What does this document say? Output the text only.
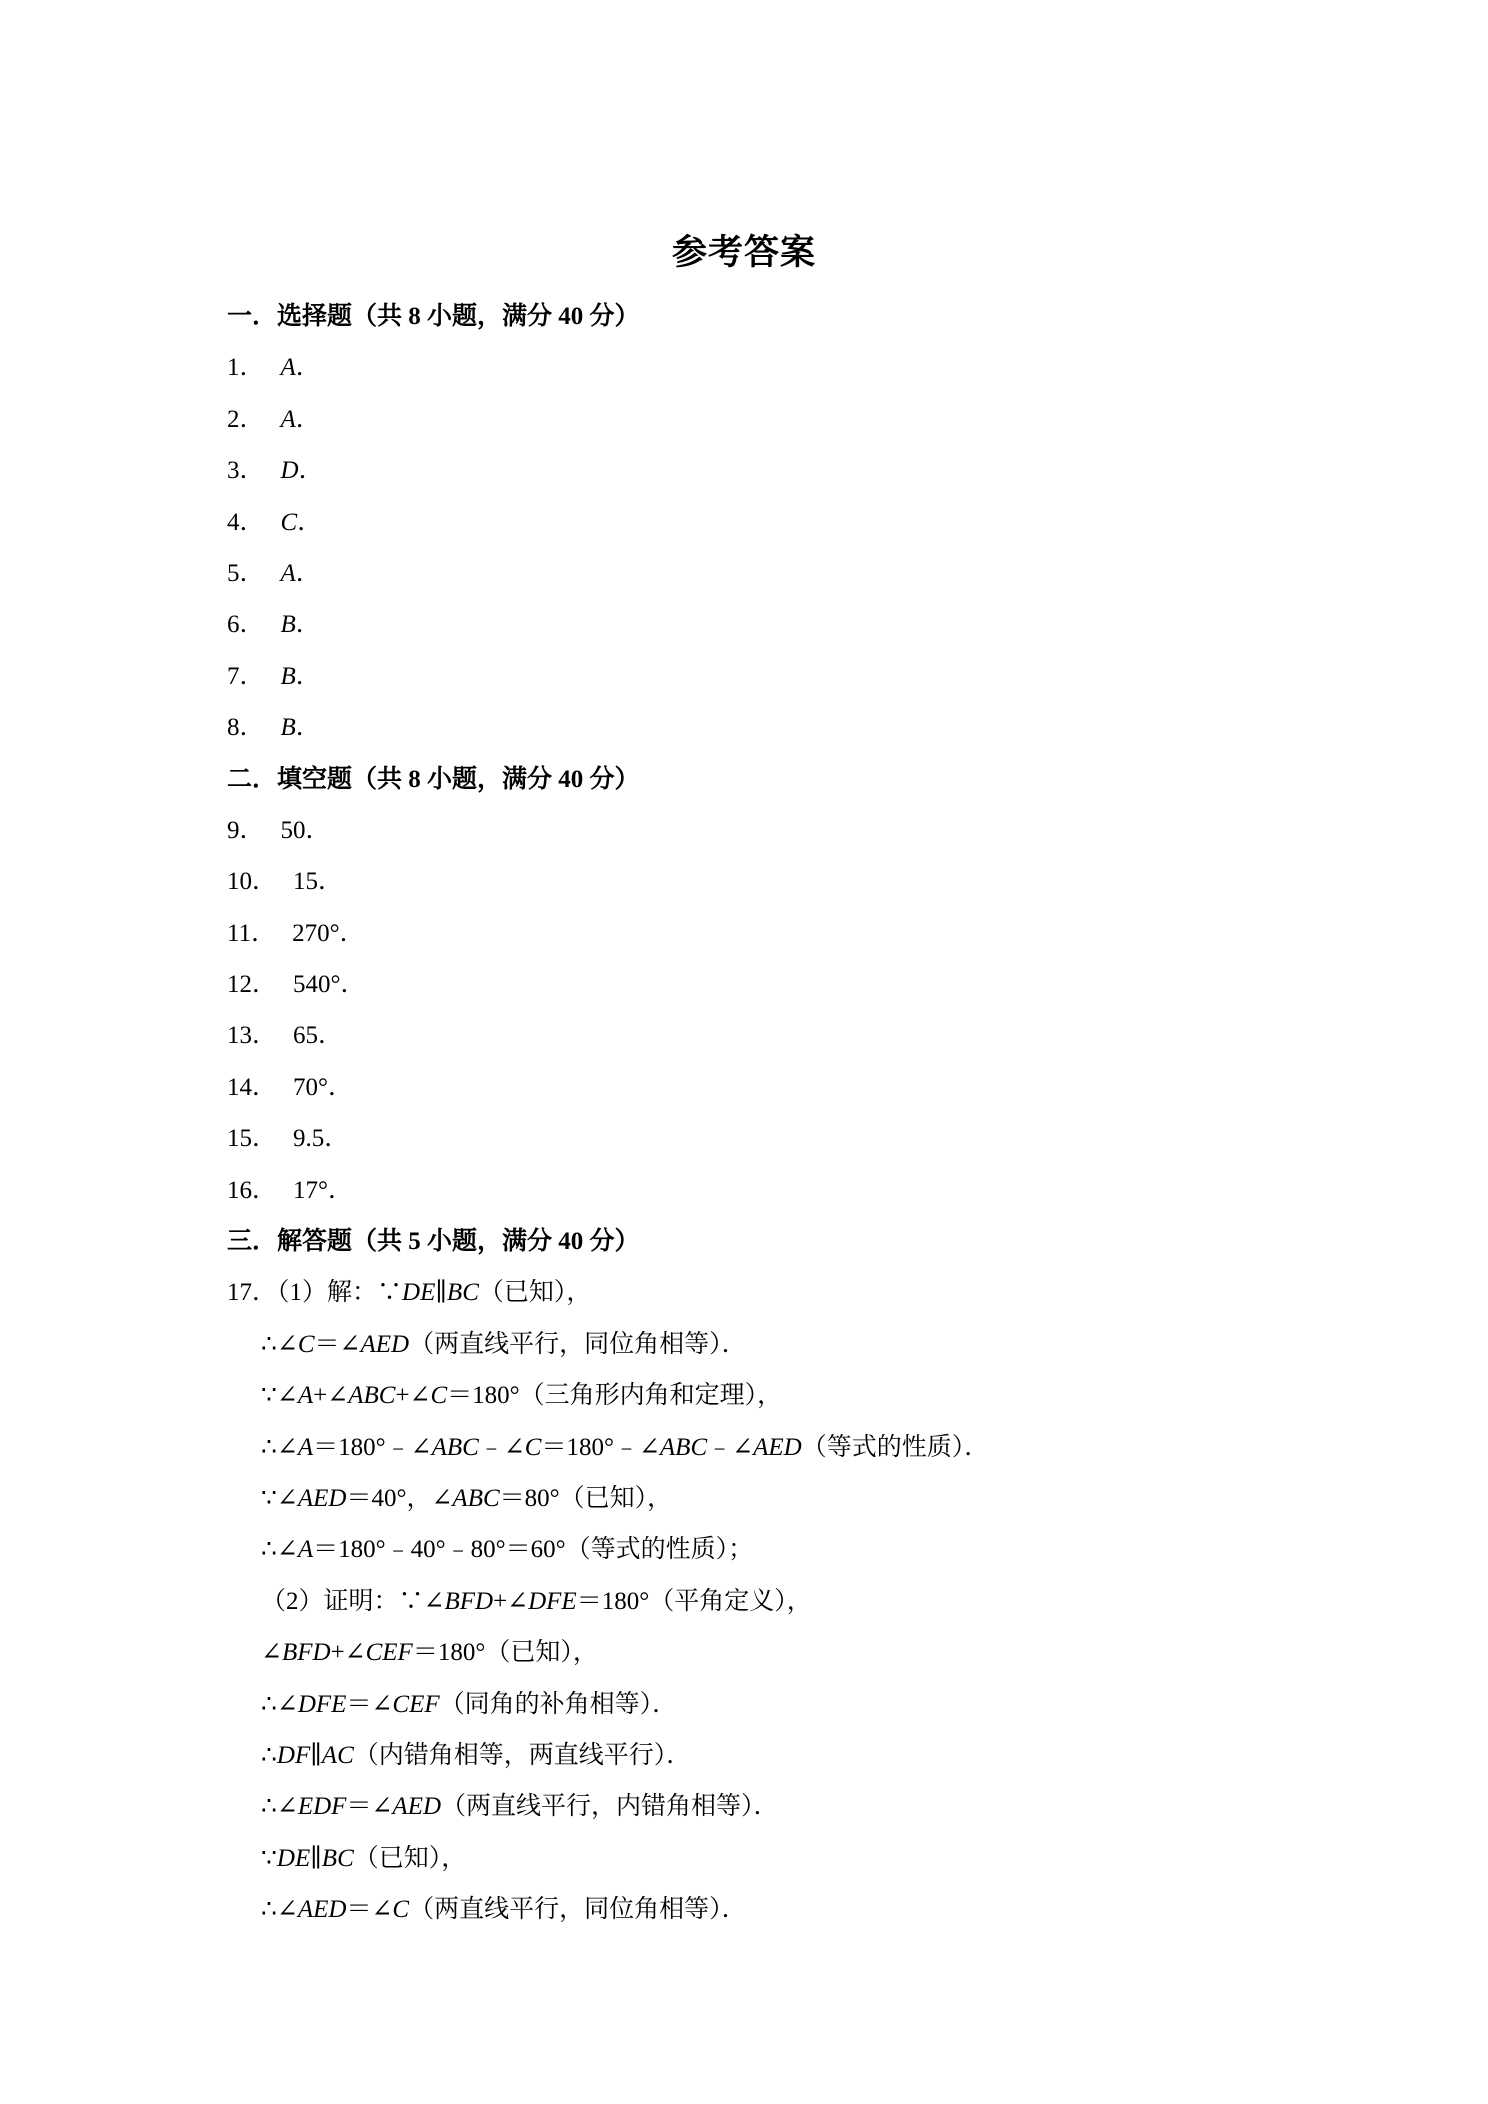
参考答案
一．选择题（共 8 小题，满分 40 分）
1． A．
2． A．
3． D．
4． C．
5． A．
6． B．
7． B．
8． B．
二．填空题（共 8 小题，满分 40 分）
9． 50．
10． 15．
11． 270°．
12． 540°．
13． 65．
14． 70°．
15． 9.5．
16． 17°．
三．解答题（共 5 小题，满分 40 分）
17．（1）解：∵DE∥BC（已知），
∴∠C＝∠AED（两直线平行，同位角相等）．
∵∠A+∠ABC+∠C＝180°（三角形内角和定理），
∴∠A＝180°﹣∠ABC﹣∠C＝180°﹣∠ABC﹣∠AED（等式的性质）．
∵∠AED＝40°，∠ABC＝80°（已知），
∴∠A＝180°﹣40°﹣80°＝60°（等式的性质）；
（2）证明：∵∠BFD+∠DFE＝180°（平角定义），
∠BFD+∠CEF＝180°（已知），
∴∠DFE＝∠CEF（同角的补角相等）．
∴DF∥AC（内错角相等，两直线平行）．
∴∠EDF＝∠AED（两直线平行，内错角相等）．
∵DE∥BC（已知），
∴∠AED＝∠C（两直线平行，同位角相等）．
